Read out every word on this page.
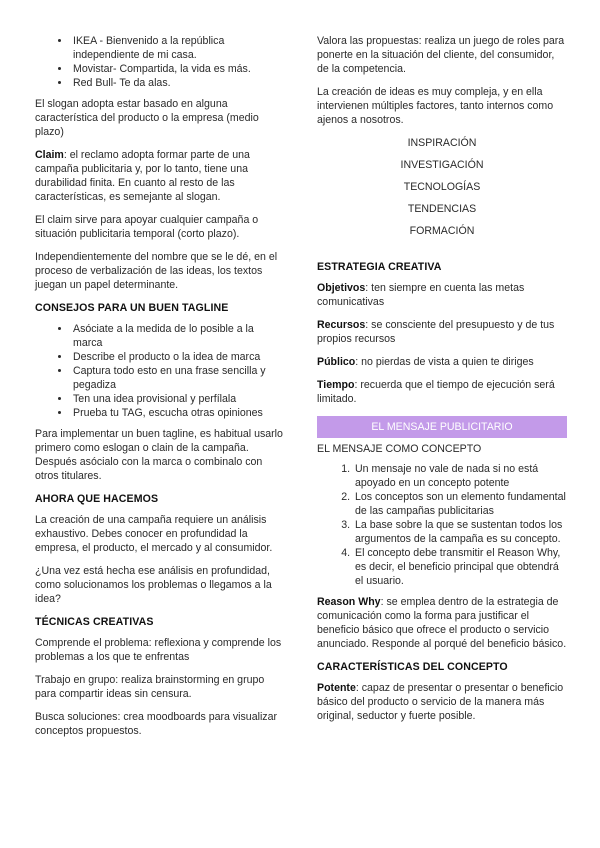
• IKEA - Bienvenido a la república independiente de mi casa.
• Movistar- Compartida, la vida es más.
• Red Bull- Te da alas.

El slogan adopta estar basado en alguna característica del producto o la empresa (medio plazo)

Claim: el reclamo adopta formar parte de una campaña publicitaria y, por lo tanto, tiene una durabilidad finita. En cuanto al resto de las características, es semejante al slogan.

El claim sirve para apoyar cualquier campaña o situación publicitaria temporal (corto plazo).

Independientemente del nombre que se le dé, en el proceso de verbalización de las ideas, los textos juegan un papel determinante.

CONSEJOS PARA UN BUEN TAGLINE
• Asóciate a la medida de lo posible a la marca
• Describe el producto o la idea de marca
• Captura todo esto en una frase sencilla y pegadiza
• Ten una idea provisional y perfílala
• Prueba tu TAG, escucha otras opiniones

Para implementar un buen tagline, es habitual usarlo primero como eslogan o clain de la campaña. Después asócialo con la marca o combinalo con otros titulares.

AHORA QUE HACEMOS

La creación de una campaña requiere un análisis exhaustivo. Debes conocer en profundidad la empresa, el producto, el mercado y al consumidor.

¿Una vez está hecha ese análisis en profundidad, como solucionamos los problemas o llegamos a la idea?

TÉCNICAS CREATIVAS

Comprende el problema: reflexiona y comprende los problemas a los que te enfrentas

Trabajo en grupo: realiza brainstorming en grupo para compartir ideas sin censura.

Busca soluciones: crea moodboards para visualizar conceptos propuestos.

Valora las propuestas: realiza un juego de roles para ponerte en la situación del cliente, del consumidor, de la competencia.

La creación de ideas es muy compleja, y en ella intervienen múltiples factores, tanto internos como ajenos a nosotros.

INSPIRACIÓN
INVESTIGACIÓN
TECNOLOGÍAS
TENDENCIAS
FORMACIÓN
ESTRATEGIA CREATIVA

Objetivos: ten siempre en cuenta las metas comunicativas

Recursos: se consciente del presupuesto y de tus propios recursos

Público: no pierdas de vista a quien te diriges

Tiempo: recuerda que el tiempo de ejecución será limitado.

EL MENSAJE PUBLICITARIO

EL MENSAJE COMO CONCEPTO

1. Un mensaje no vale de nada si no está apoyado en un concepto potente
2. Los conceptos son un elemento fundamental de las campañas publicitarias
3. La base sobre la que se sustentan todos los argumentos de la campaña es su concepto.
4. El concepto debe transmitir el Reason Why, es decir, el beneficio principal que obtendrá el usuario.

Reason Why: se emplea dentro de la estrategia de comunicación como la forma para justificar el beneficio básico que ofrece el producto o servicio anunciado. Responde al porqué del beneficio básico.

CARACTERÍSTICAS DEL CONCEPTO

Potente: capaz de presentar o presentar o beneficio básico del producto o servicio de la manera más original, seductor y fuerte posible.
